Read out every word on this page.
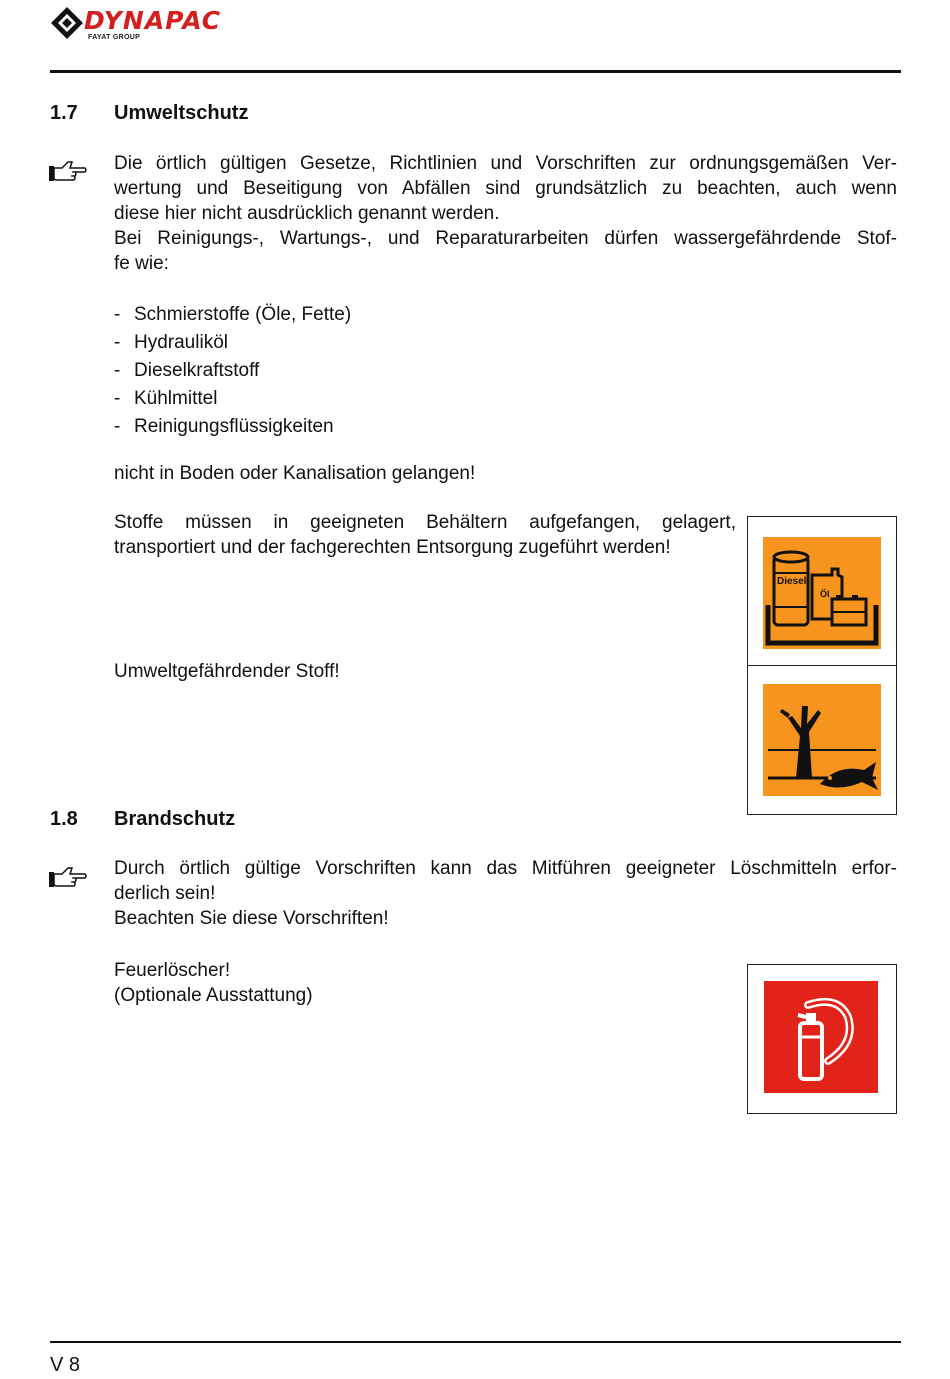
DYNAPAC
FAYAT GROUP
1.7 Umweltschutz

Die örtlich gültigen Gesetze, Richtlinien und Vorschriften zur ordnungsgemäßen Ver-

wertung und Beseitigung von Abfällen sind grundsätzlich zu beachten, auch wenn

diese hier nicht ausdrücklich genannt werden.

Bei Reinigungs-, Wartungs-, und Reparaturarbeiten dürfen wassergefährdende Stof-

fe wie:

- Schmierstoffe (Öle, Fette)
- Hydrauliköl
- Dieselkraftstoff
- Kühlmittel
- Reinigungsflüssigkeiten
nicht in Boden oder Kanalisation gelangen!
Stoffe müssen in geeigneten Behältern aufgefangen, gelagert,
transportiert und der fachgerechten Entsorgung zugeführt werden!
Umweltgefährdender Stoff!
Diesel
Öl
1.8 Brandschutz

Durch örtlich gültige Vorschriften kann das Mitführen geeigneter Löschmitteln erfor-

derlich sein!

Beachten Sie diese Vorschriften!

Feuerlöscher!
(Optionale Ausstattung)
V 8
